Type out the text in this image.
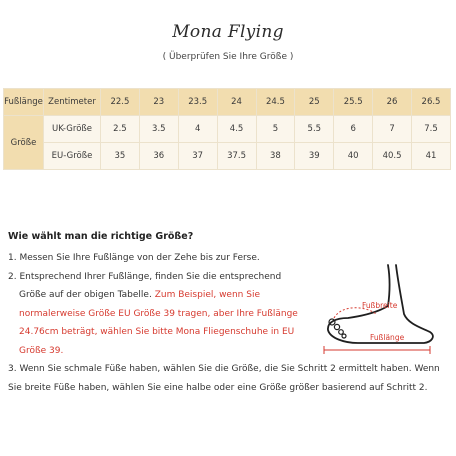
Mona Flying
( Überprüfen Sie Ihre Größe )
Fußlänge	Zentimeter	22.5	23	23.5	24	24.5	25	25.5	26	26.5
Größe	UK-Größe	2.5	3.5	4	4.5	5	5.5	6	7	7.5
	EU-Größe	35	36	37	37.5	38	39	40	40.5	41
Wie wählt man die richtige Größe?
1. Messen Sie Ihre Fußlänge von der Zehe bis zur Ferse.
2. Entsprechend Ihrer Fußlänge, finden Sie die entsprechend
Größe auf der obigen Tabelle. Zum Beispiel, wenn Sie normalerweise Größe EU Größe 39 tragen, aber Ihre Fußlänge 24.76cm beträgt, wählen Sie bitte Mona Fliegenschuhe in EU Größe 39.
3. Wenn Sie schmale Füße haben, wählen Sie die Größe, die Sie Schritt 2 ermittelt haben. Wenn Sie breite Füße haben, wählen Sie eine halbe oder eine Größe größer basierend auf Schritt 2.
Fußbreite
Fußlänge
